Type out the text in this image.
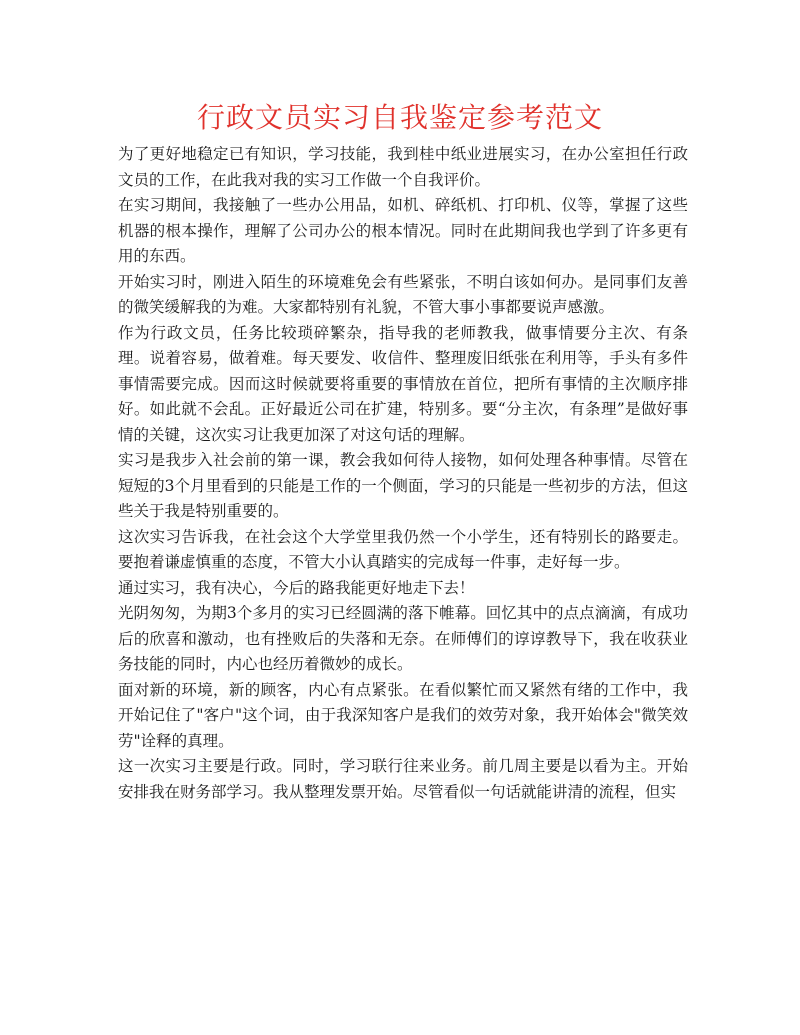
行政文员实习自我鉴定参考范文

为了更好地稳定已有知识，学习技能，我到桂中纸业进展实习，在办公室担任行政文员的工作，在此我对我的实习工作做一个自我评价。

在实习期间，我接触了一些办公用品，如机、碎纸机、打印机、仪等，掌握了这些机器的根本操作，理解了公司办公的根本情况。同时在此期间我也学到了许多更有用的东西。

开始实习时，刚进入陌生的环境难免会有些紧张，不明白该如何办。是同事们友善的微笑缓解我的为难。大家都特别有礼貌，不管大事小事都要说声感激。

作为行政文员，任务比较琐碎繁杂，指导我的老师教我，做事情要分主次、有条理。说着容易，做着难。每天要发、收信件、整理废旧纸张在利用等，手头有多件事情需要完成。因而这时候就要将重要的事情放在首位，把所有事情的主次顺序排好。如此就不会乱。正好最近公司在扩建，特别多。要“分主次，有条理”是做好事情的关键，这次实习让我更加深了对这句话的理解。

实习是我步入社会前的第一课，教会我如何待人接物，如何处理各种事情。尽管在短短的3个月里看到的只能是工作的一个侧面，学习的只能是一些初步的方法，但这些关于我是特别重要的。

这次实习告诉我，在社会这个大学堂里我仍然一个小学生，还有特别长的路要走。要抱着谦虚慎重的态度，不管大小认真踏实的完成每一件事，走好每一步。

通过实习，我有决心，今后的路我能更好地走下去！

光阴匆匆，为期3个多月的实习已经圆满的落下帷幕。回忆其中的点点滴滴，有成功后的欣喜和激动，也有挫败后的失落和无奈。在师傅们的谆谆教导下，我在收获业务技能的同时，内心也经历着微妙的成长。

面对新的环境，新的顾客，内心有点紧张。在看似繁忙而又紧然有绪的工作中，我开始记住了"客户"这个词，由于我深知客户是我们的效劳对象，我开始体会"微笑效劳"诠释的真理。

这一次实习主要是行政。同时，学习联行往来业务。前几周主要是以看为主。开始安排我在财务部学习。我从整理发票开始。尽管看似一句话就能讲清的流程，但实
